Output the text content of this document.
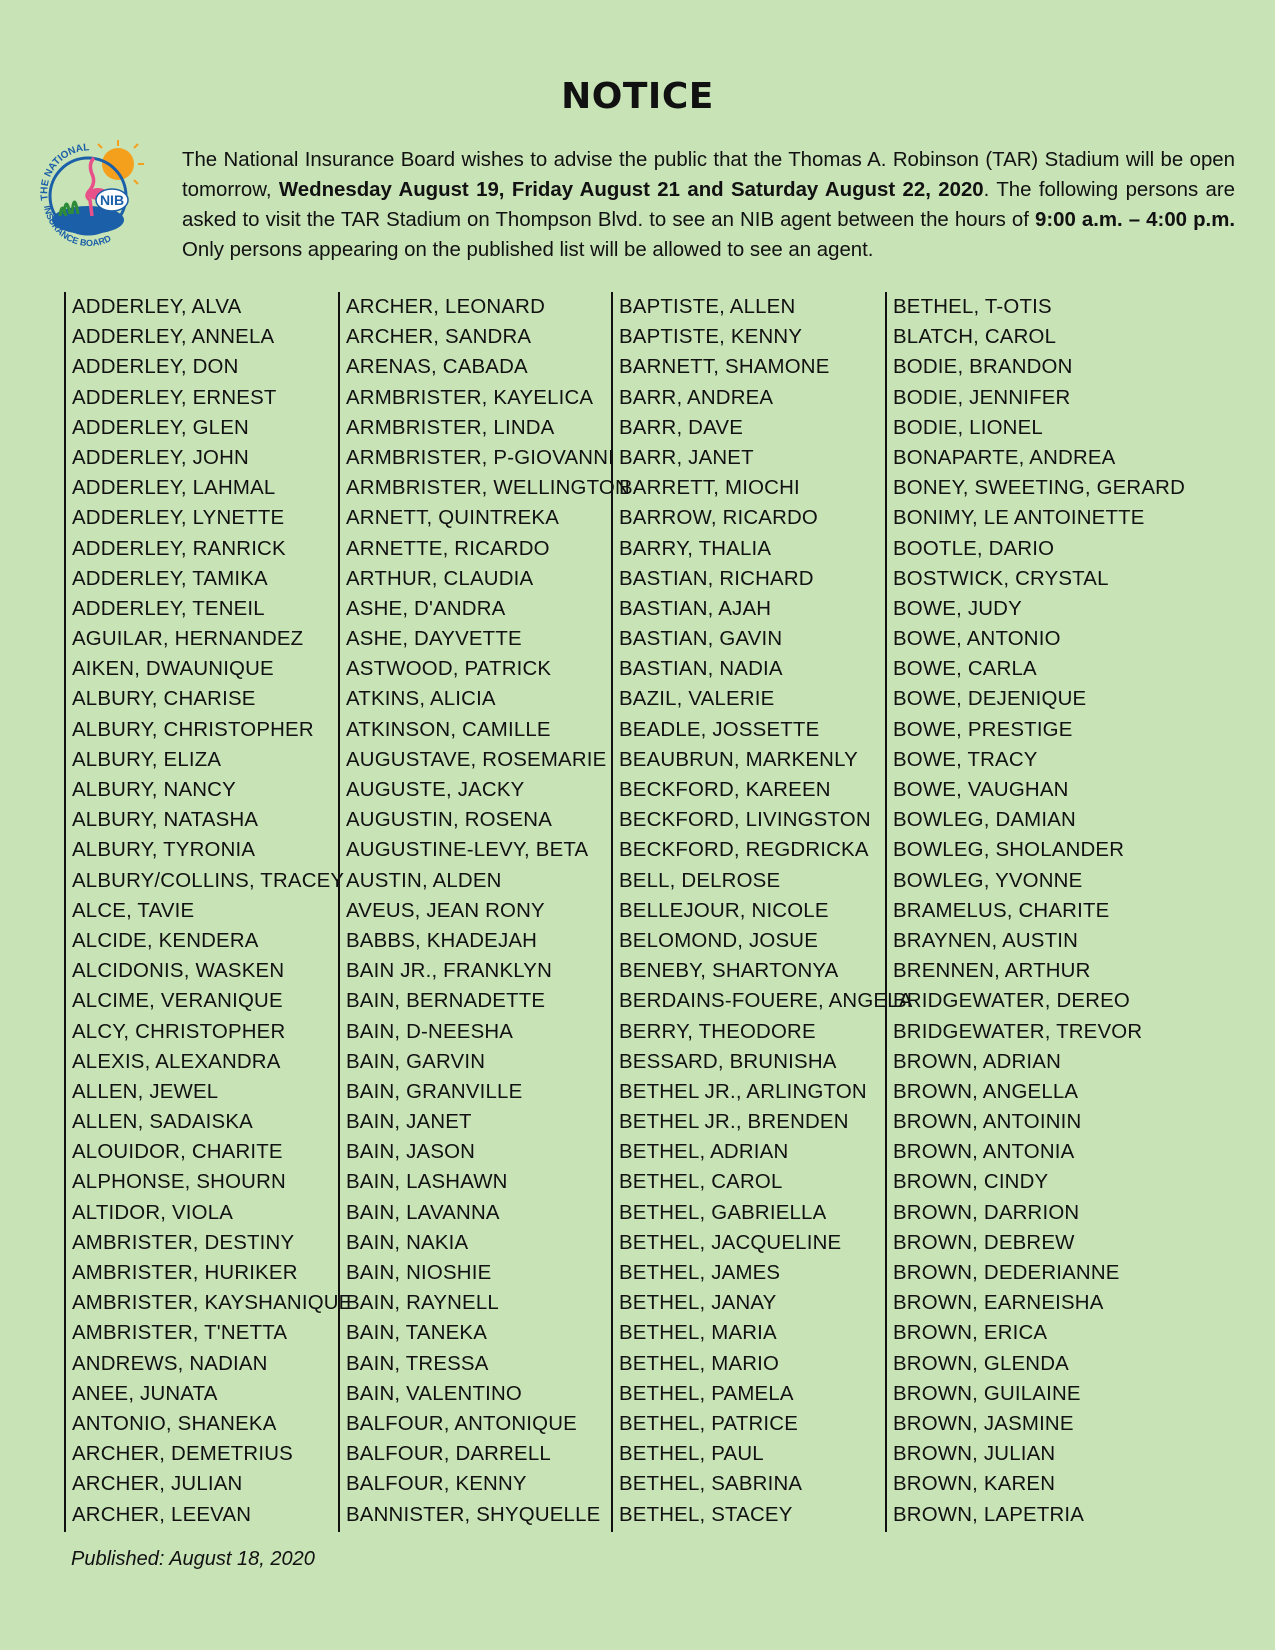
NOTICE
NIB
THE NATIONAL
INSURANCE BOARD
The National Insurance Board wishes to advise the public that the Thomas A. Robinson (TAR) Stadium will be open tomorrow, Wednesday August 19, Friday August 21 and Saturday August 22, 2020. The following persons are asked to visit the TAR Stadium on Thompson Blvd. to see an NIB agent between the hours of 9:00 a.m. – 4:00 p.m. Only persons appearing on the published list will be allowed to see an agent.
ADDERLEY, ALVA
ADDERLEY, ANNELA
ADDERLEY, DON
ADDERLEY, ERNEST
ADDERLEY, GLEN
ADDERLEY, JOHN
ADDERLEY, LAHMAL
ADDERLEY, LYNETTE
ADDERLEY, RANRICK
ADDERLEY, TAMIKA
ADDERLEY, TENEIL
AGUILAR, HERNANDEZ
AIKEN, DWAUNIQUE
ALBURY, CHARISE
ALBURY, CHRISTOPHER
ALBURY, ELIZA
ALBURY, NANCY
ALBURY, NATASHA
ALBURY, TYRONIA
ALBURY/COLLINS, TRACEY
ALCE, TAVIE
ALCIDE, KENDERA
ALCIDONIS, WASKEN
ALCIME, VERANIQUE
ALCY, CHRISTOPHER
ALEXIS, ALEXANDRA
ALLEN, JEWEL
ALLEN, SADAISKA
ALOUIDOR, CHARITE
ALPHONSE, SHOURN
ALTIDOR, VIOLA
AMBRISTER, DESTINY
AMBRISTER, HURIKER
AMBRISTER, KAYSHANIQUE
AMBRISTER, T'NETTA
ANDREWS, NADIAN
ANEE, JUNATA
ANTONIO, SHANEKA
ARCHER, DEMETRIUS
ARCHER, JULIAN
ARCHER, LEEVAN
ARCHER, LEONARD
ARCHER, SANDRA
ARENAS, CABADA
ARMBRISTER, KAYELICA
ARMBRISTER, LINDA
ARMBRISTER, P-GIOVANNI
ARMBRISTER, WELLINGTON
ARNETT, QUINTREKA
ARNETTE, RICARDO
ARTHUR, CLAUDIA
ASHE, D'ANDRA
ASHE, DAYVETTE
ASTWOOD, PATRICK
ATKINS, ALICIA
ATKINSON, CAMILLE
AUGUSTAVE, ROSEMARIE
AUGUSTE, JACKY
AUGUSTIN, ROSENA
AUGUSTINE-LEVY, BETA
AUSTIN, ALDEN
AVEUS, JEAN RONY
BABBS, KHADEJAH
BAIN JR., FRANKLYN
BAIN, BERNADETTE
BAIN, D-NEESHA
BAIN, GARVIN
BAIN, GRANVILLE
BAIN, JANET
BAIN, JASON
BAIN, LASHAWN
BAIN, LAVANNA
BAIN, NAKIA
BAIN, NIOSHIE
BAIN, RAYNELL
BAIN, TANEKA
BAIN, TRESSA
BAIN, VALENTINO
BALFOUR, ANTONIQUE
BALFOUR, DARRELL
BALFOUR, KENNY
BANNISTER, SHYQUELLE
BAPTISTE, ALLEN
BAPTISTE, KENNY
BARNETT, SHAMONE
BARR, ANDREA
BARR, DAVE
BARR, JANET
BARRETT, MIOCHI
BARROW, RICARDO
BARRY, THALIA
BASTIAN, RICHARD
BASTIAN, AJAH
BASTIAN, GAVIN
BASTIAN, NADIA
BAZIL, VALERIE
BEADLE, JOSSETTE
BEAUBRUN, MARKENLY
BECKFORD, KAREEN
BECKFORD, LIVINGSTON
BECKFORD, REGDRICKA
BELL, DELROSE
BELLEJOUR, NICOLE
BELOMOND, JOSUE
BENEBY, SHARTONYA
BERDAINS-FOUERE, ANGELA
BERRY, THEODORE
BESSARD, BRUNISHA
BETHEL JR., ARLINGTON
BETHEL JR., BRENDEN
BETHEL, ADRIAN
BETHEL, CAROL
BETHEL, GABRIELLA
BETHEL, JACQUELINE
BETHEL, JAMES
BETHEL, JANAY
BETHEL, MARIA
BETHEL, MARIO
BETHEL, PAMELA
BETHEL, PATRICE
BETHEL, PAUL
BETHEL, SABRINA
BETHEL, STACEY
BETHEL, T-OTIS
BLATCH, CAROL
BODIE, BRANDON
BODIE, JENNIFER
BODIE, LIONEL
BONAPARTE, ANDREA
BONEY, SWEETING, GERARD
BONIMY, LE ANTOINETTE
BOOTLE, DARIO
BOSTWICK, CRYSTAL
BOWE, JUDY
BOWE, ANTONIO
BOWE, CARLA
BOWE, DEJENIQUE
BOWE, PRESTIGE
BOWE, TRACY
BOWE, VAUGHAN
BOWLEG, DAMIAN
BOWLEG, SHOLANDER
BOWLEG, YVONNE
BRAMELUS, CHARITE
BRAYNEN, AUSTIN
BRENNEN, ARTHUR
BRIDGEWATER, DEREO
BRIDGEWATER, TREVOR
BROWN, ADRIAN
BROWN, ANGELLA
BROWN, ANTOININ
BROWN, ANTONIA
BROWN, CINDY
BROWN, DARRION
BROWN, DEBREW
BROWN, DEDERIANNE
BROWN, EARNEISHA
BROWN, ERICA
BROWN, GLENDA
BROWN, GUILAINE
BROWN, JASMINE
BROWN, JULIAN
BROWN, KAREN
BROWN, LAPETRIA
Published: August 18, 2020
